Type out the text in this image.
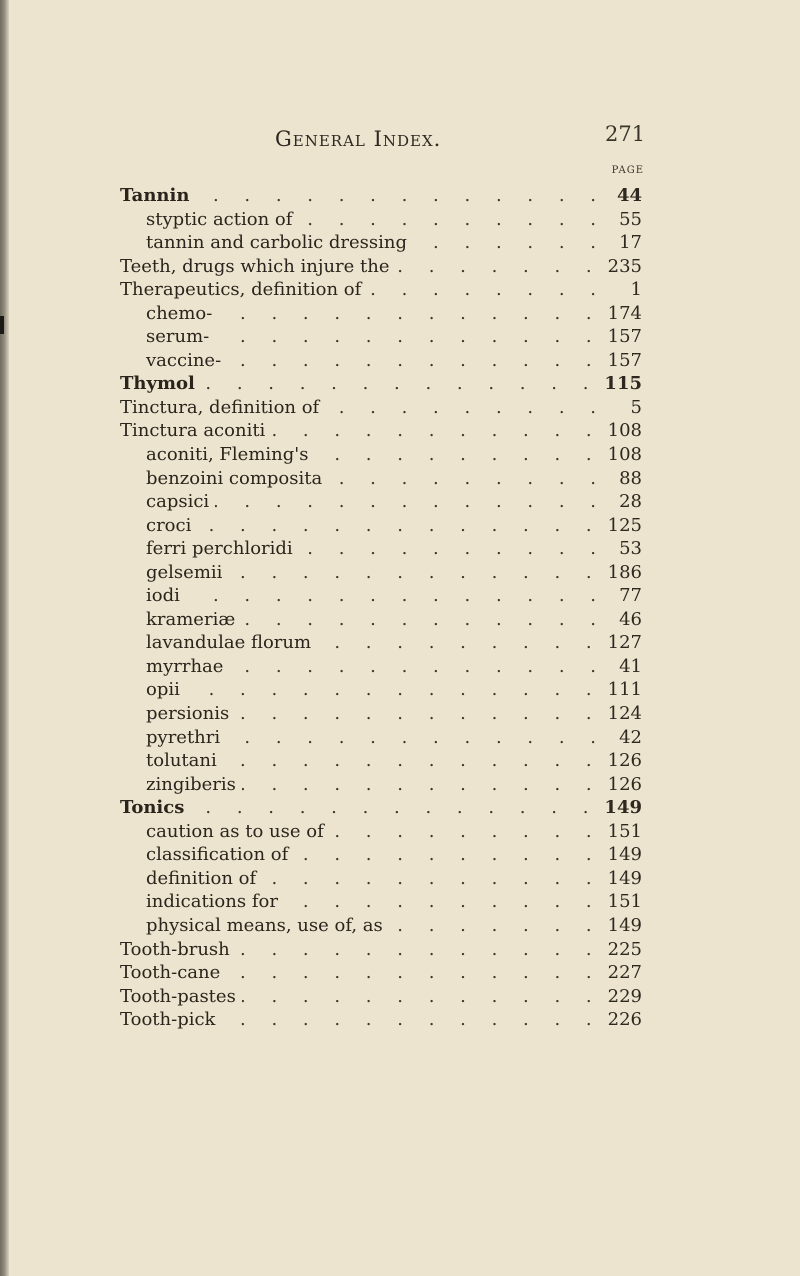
General Index.	271
PAGE
Tannin . . .	44
styptic action of . . .	55
tannin and carbolic dressing . . .	17
Teeth, drugs which injure the . . .	235
Therapeutics, definition of . . .	1
chemo- . . .	174
serum- . . .	157
vaccine- . . .	157
Thymol . . .	115
Tinctura, definition of . . .	5
Tinctura aconiti . . .	108
aconiti, Fleming's . . .	108
benzoini composita . . .	88
capsici . . .	28
croci . . .	125
ferri perchloridi . . .	53
gelsemii . . .	186
iodi . . .	77
krameriæ . . .	46
lavandulae florum . . .	127
myrrhae . . .	41
opii . . .	111
persionis . . .	124
pyrethri . . .	42
tolutani . . .	126
zingiberis . . .	126
Tonics . . .	149
caution as to use of . . .	151
classification of . . .	149
definition of . . .	149
indications for . . .	151
physical means, use of, as . . .	149
Tooth-brush . . .	225
Tooth-cane . . .	227
Tooth-pastes . . .	229
Tooth-pick . . .	226
